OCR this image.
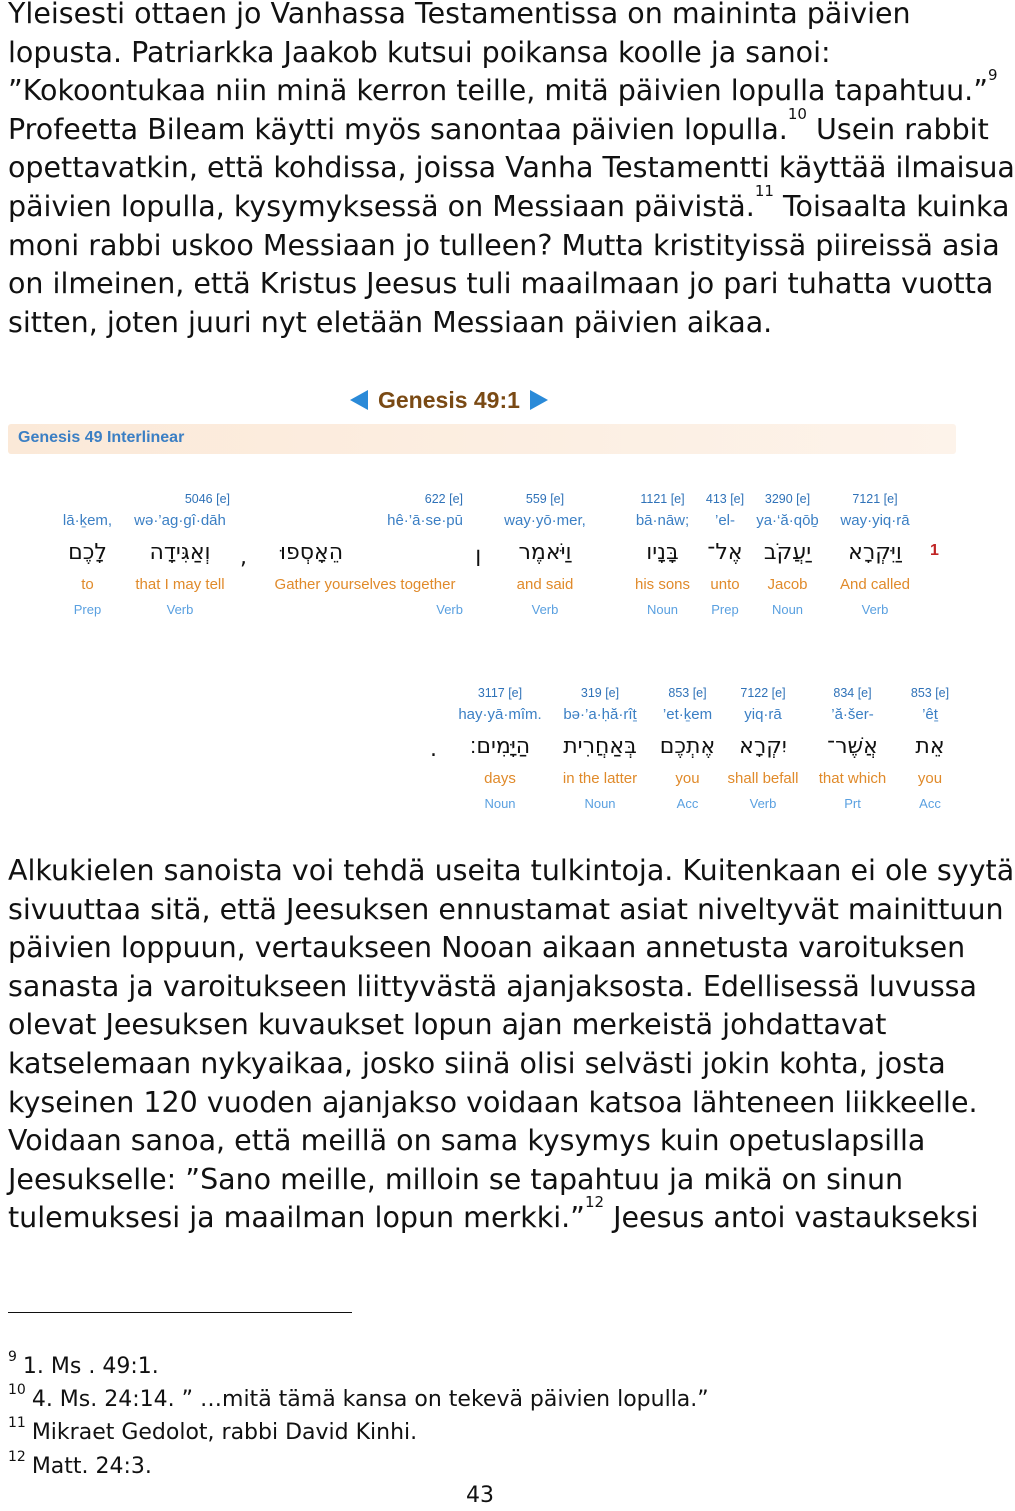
Yleisesti ottaen jo Vanhassa Testamentissa on maininta päivien
lopusta. Patriarkka Jaakob kutsui poikansa koolle ja sanoi:
”Kokoontukaa niin minä kerron teille, mitä päivien lopulla tapahtuu.”$^9$
Profeetta Bileam käytti myös sanontaa päivien lopulla.$^{10}$ Usein rabbit
opettavatkin, että kohdissa, joissa Vanha Testamentti käyttää ilmaisua
päivien lopulla, kysymyksessä on Messiaan päivistä.$^{11}$ Toisaalta kuinka
moni rabbi uskoo Messiaan jo tulleen? Mutta kristityissä piireissä asia
on ilmeinen, että Kristus Jeesus tuli maailmaan jo pari tuhatta vuotta
sitten, joten juuri nyt eletään Messiaan päivien aikaa.
Genesis 49:1
Genesis 49 Interlinear
1
7121 [e]
way·yiq·rā
וַיִּקְרָא
And called
Verb
3290 [e]
ya·‘ă·qōḇ
יַעֲקֹב
Jacob
Noun
413 [e]
’el-
אֶל־
unto
Prep
1121 [e]
bā·nāw;
בָּנָיו
his sons
Noun
559 [e]
way·yō·mer,
וַיֹּאמֶר
and said
Verb
׀
622 [e]
hê·’ā·se·pū
הֵאָסְפוּ
Gather yourselves together
Verb
,
5046 [e]
wə·’ag·gî·dāh
וְאַגִּידָה
that I may tell
Verb
lā·ḵem,
לָכֶם
to
Prep
853 [e]
’êṯ
אֵת
you
Acc
834 [e]
’ă·šer-
אֲשֶׁר־
that which
Prt
7122 [e]
yiq·rā
יִקְרָא
shall befall
Verb
853 [e]
’et·ḵem
אֶתְכֶם
you
Acc
319 [e]
bə·’a·ḥă·rîṯ
בְּאַחֲרִית
in the latter
Noun
3117 [e]
hay·yā·mîm.
הַיָּמִים׃
days
Noun
.
Alkukielen sanoista voi tehdä useita tulkintoja. Kuitenkaan ei ole syytä
sivuuttaa sitä, että Jeesuksen ennustamat asiat niveltyvät mainittuun
päivien loppuun, vertaukseen Nooan aikaan annetusta varoituksen
sanasta ja varoitukseen liittyvästä ajanjaksosta. Edellisessä luvussa
olevat Jeesuksen kuvaukset lopun ajan merkeistä johdattavat
katselemaan nykyaikaa, josko siinä olisi selvästi jokin kohta, josta
kyseinen 120 vuoden ajanjakso voidaan katsoa lähteneen liikkeelle.
Voidaan sanoa, että meillä on sama kysymys kuin opetuslapsilla
Jeesukselle: ”Sano meille, milloin se tapahtuu ja mikä on sinun
tulemuksesi ja maailman lopun merkki.”$^{12}$ Jeesus antoi vastaukseksi
$^9$ 1. Ms . 49:1.
$^{10}$ 4. Ms. 24:14. ” …mitä tämä kansa on tekevä päivien lopulla.”
$^{11}$ Mikraet Gedolot, rabbi David Kinhi.
$^{12}$ Matt. 24:3.
43
